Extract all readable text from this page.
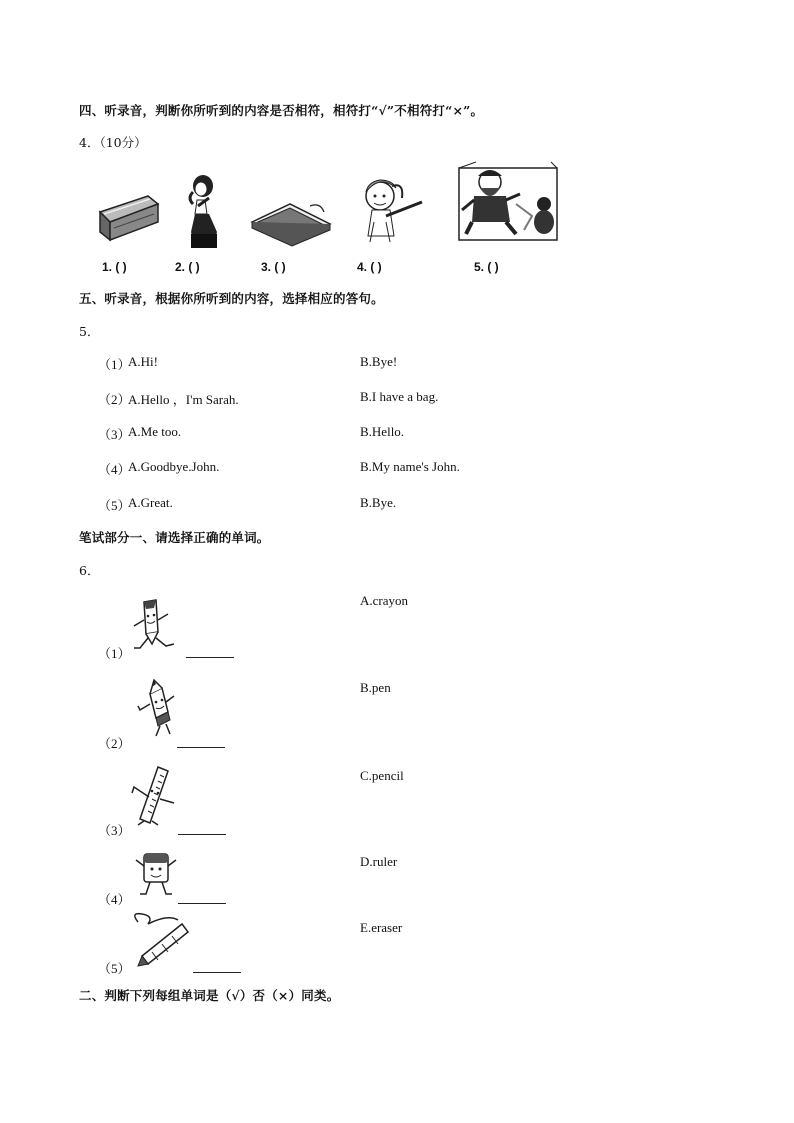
四、听录音，判断你所听到的内容是否相符，相符打“√”不相符打“×”。
4．（10分）
1. ( )	2. ( )	3. ( )	4. ( )	5. ( )
五、听录音，根据你所听到的内容，选择相应的答句。
5．
（1）
A.Hi!	B.Bye!
（2）
A.Hello ，I'm Sarah.	B.I have a bag.
（3）
A.Me too.	B.Hello.
（4）
A.Goodbye.John.	B.My name's John.
（5）
A.Great.	B.Bye.
笔试部分一、请选择正确的单词。
6．
（1）
A.crayon
（2）
B.pen
（3）
C.pencil
（4）
D.ruler
（5）
E.eraser
二、判断下列每组单词是（√）否（×）同类。
